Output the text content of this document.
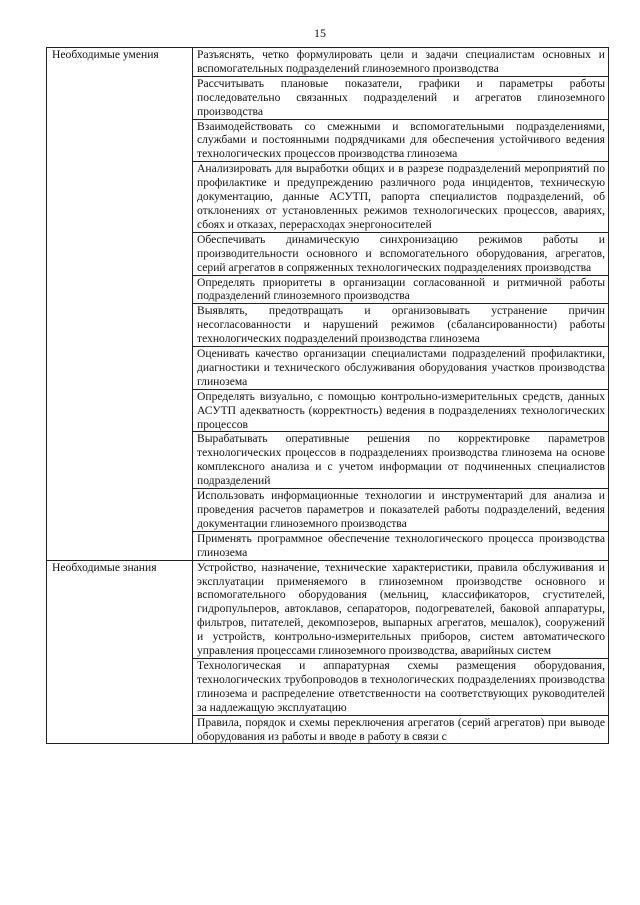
15
Необходимые умения	Разъяснять, четко формулировать цели и задачи специалистам основных и вспомогательных подразделений глиноземного производства
	Рассчитывать плановые показатели, графики и параметры работы последовательно связанных подразделений и агрегатов глиноземного производства
	Взаимодействовать со смежными и вспомогательными подразделениями, службами и постоянными подрядчиками для обеспечения устойчивого ведения технологических процессов производства глинозема
	Анализировать для выработки общих и в разрезе подразделений мероприятий по профилактике и предупреждению различного рода инцидентов, техническую документацию, данные АСУТП, рапорта специалистов подразделений, об отклонениях от установленных режимов технологических процессов, авариях, сбоях и отказах, перерасходах энергоносителей
	Обеспечивать динамическую синхронизацию режимов работы и производительности основного и вспомогательного оборудования, агрегатов, серий агрегатов в сопряженных технологических подразделениях производства
	Определять приоритеты в организации согласованной и ритмичной работы подразделений глиноземного производства
	Выявлять, предотвращать и организовывать устранение причин несогласованности и нарушений режимов (сбалансированности) работы технологических подразделений производства глинозема
	Оценивать качество организации специалистами подразделений профилактики, диагностики и технического обслуживания оборудования участков производства глинозема
	Определять визуально, с помощью контрольно-измерительных средств, данных АСУТП адекватность (корректность) ведения в подразделениях технологических процессов
	Вырабатывать оперативные решения по корректировке параметров технологических процессов в подразделениях производства глинозема на основе комплексного анализа и с учетом информации от подчиненных специалистов подразделений
	Использовать информационные технологии и инструментарий для анализа и проведения расчетов параметров и показателей работы подразделений, ведения документации глиноземного производства
	Применять программное обеспечение технологического процесса производства глинозема
Необходимые знания	Устройство, назначение, технические характеристики, правила обслуживания и эксплуатации применяемого в глиноземном производстве основного и вспомогательного оборудования (мельниц, классификаторов, сгустителей, гидропульперов, автоклавов, сепараторов, подогревателей, баковой аппаратуры, фильтров, питателей, декомпозеров, выпарных агрегатов, мешалок), сооружений и устройств, контрольно-измерительных приборов, систем автоматического управления процессами глиноземного производства, аварийных систем
	Технологическая и аппаратурная схемы размещения оборудования, технологических трубопроводов в технологических подразделениях производства глинозема и распределение ответственности на соответствующих руководителей за надлежащую эксплуатацию
	Правила, порядок и схемы переключения агрегатов (серий агрегатов) при выводе оборудования из работы и вводе в работу в связи с
